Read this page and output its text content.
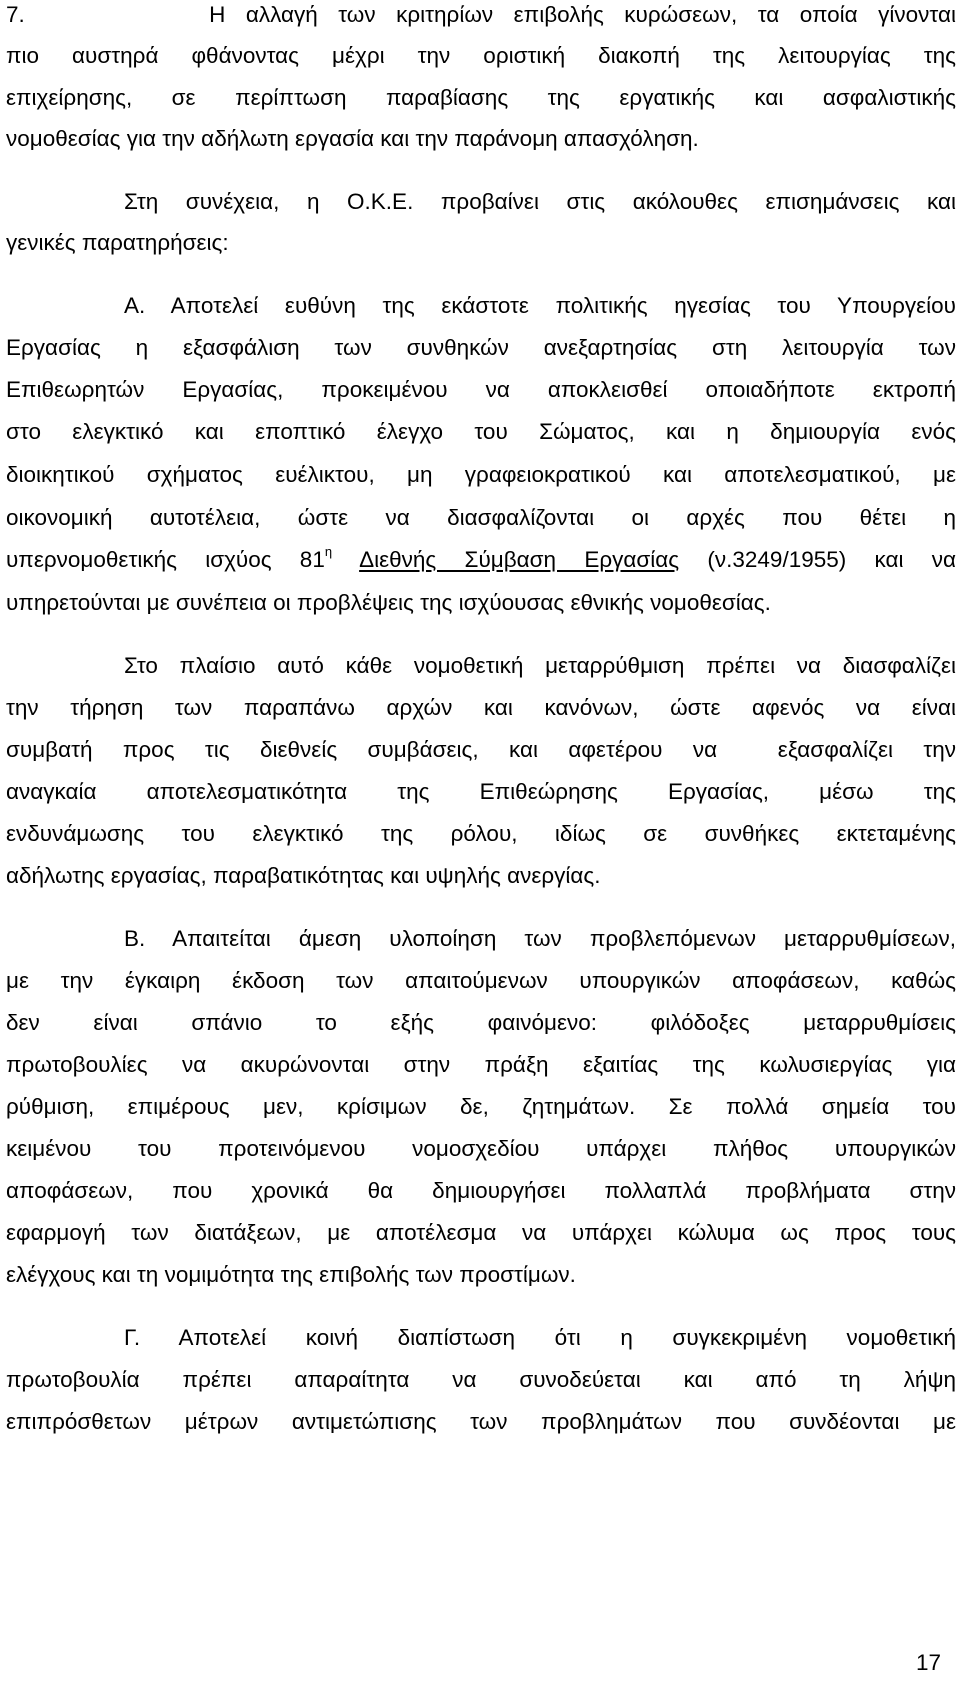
7.         Η αλλαγή των κριτηρίων επιβολής κυρώσεων, τα οποία γίνονται
πιο αυστηρά φθάνοντας μέχρι την οριστική διακοπή της λειτουργίας της
επιχείρησης, σε περίπτωση παραβίασης της εργατικής και ασφαλιστικής
νομοθεσίας για την αδήλωτη εργασία και την παράνομη απασχόληση.
Στη συνέχεια, η Ο.Κ.Ε. προβαίνει στις ακόλουθες επισημάνσεις και
γενικές παρατηρήσεις:
Α. Αποτελεί ευθύνη της εκάστοτε πολιτικής ηγεσίας του Υπουργείου
Εργασίας η εξασφάλιση των συνθηκών ανεξαρτησίας στη λειτουργία των
Επιθεωρητών Εργασίας, προκειμένου να αποκλεισθεί οποιαδήποτε εκτροπή
στο ελεγκτικό και εποπτικό έλεγχο του Σώματος, και η δημιουργία ενός
διοικητικού σχήματος ευέλικτου, μη γραφειοκρατικού και αποτελεσματικού, με
οικονομική αυτοτέλεια, ώστε να διασφαλίζονται οι αρχές που θέτει η
υπερνομοθετικής ισχύος $81^\eta$ Διεθνής Σύμβαση Εργασίας (ν.3249/1955) και να
υπηρετούνται με συνέπεια οι προβλέψεις της ισχύουσας εθνικής νομοθεσίας.
Στο πλαίσιο αυτό κάθε νομοθετική μεταρρύθμιση πρέπει να διασφαλίζει
την τήρηση των παραπάνω αρχών και κανόνων, ώστε αφενός να είναι
συμβατή προς τις διεθνείς συμβάσεις, και αφετέρου να  εξασφαλίζει την
αναγκαία αποτελεσματικότητα της Επιθεώρησης Εργασίας, μέσω της
ενδυνάμωσης του ελεγκτικό της ρόλου, ιδίως σε συνθήκες εκτεταμένης
αδήλωτης εργασίας, παραβατικότητας και υψηλής ανεργίας.
Β. Απαιτείται άμεση υλοποίηση των προβλεπόμενων μεταρρυθμίσεων,
με την έγκαιρη έκδοση των απαιτούμενων υπουργικών αποφάσεων, καθώς
δεν είναι σπάνιο το εξής φαινόμενο: φιλόδοξες μεταρρυθμίσεις
πρωτοβουλίες να ακυρώνονται στην πράξη εξαιτίας της κωλυσιεργίας για
ρύθμιση, επιμέρους μεν, κρίσιμων δε, ζητημάτων. Σε πολλά σημεία του
κειμένου του προτεινόμενου νομοσχεδίου υπάρχει πλήθος υπουργικών
αποφάσεων, που χρονικά θα δημιουργήσει πολλαπλά προβλήματα στην
εφαρμογή των διατάξεων, με αποτέλεσμα να υπάρχει κώλυμα ως προς τους
ελέγχους και τη νομιμότητα της επιβολής των προστίμων.
Γ. Αποτελεί κοινή διαπίστωση ότι η συγκεκριμένη νομοθετική
πρωτοβουλία πρέπει απαραίτητα να συνοδεύεται και από τη λήψη
επιπρόσθετων μέτρων αντιμετώπισης των προβλημάτων που συνδέονται με
17
